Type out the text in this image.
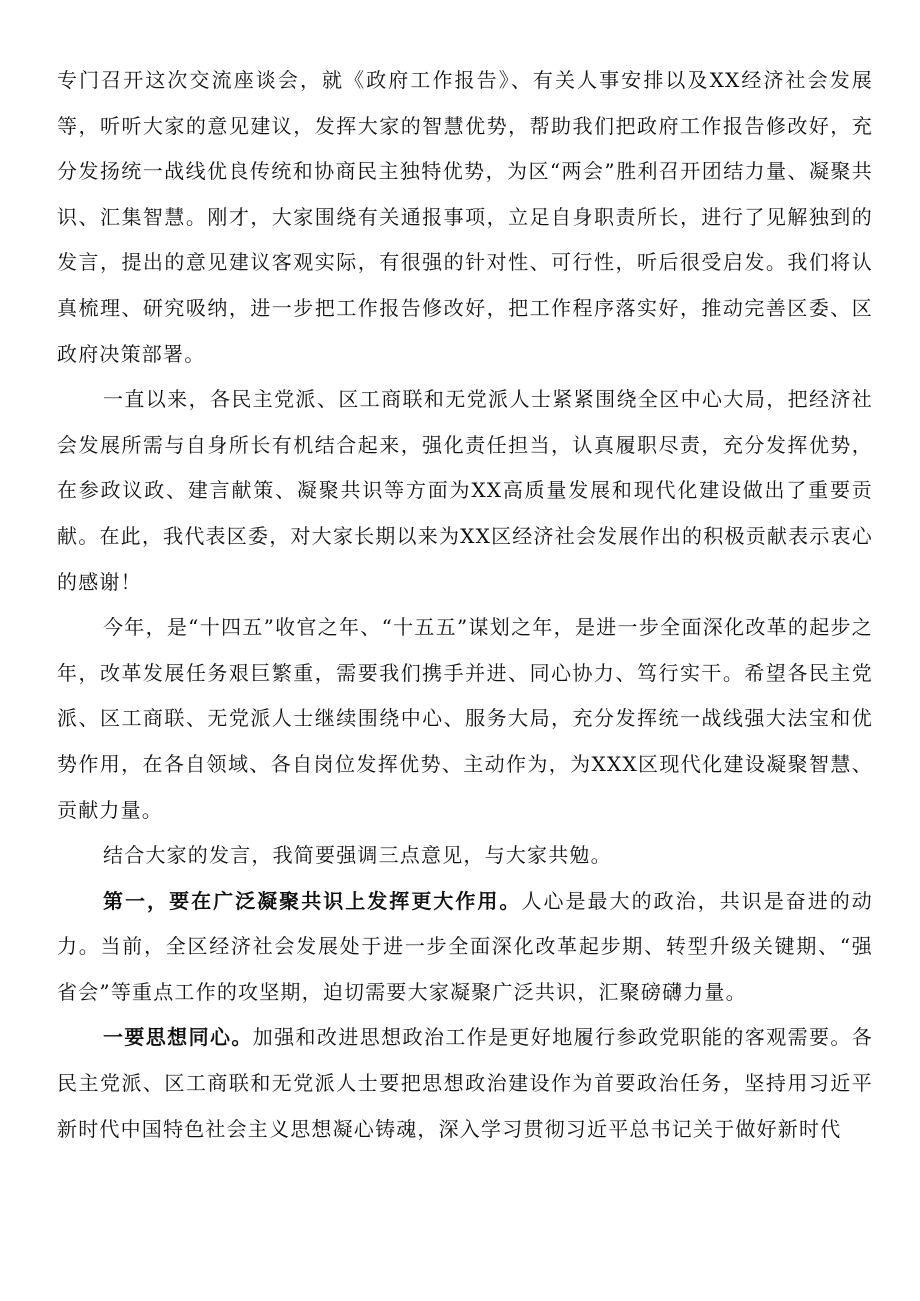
专门召开这次交流座谈会，就《政府工作报告》、有关人事安排以及XX经济社会发展等，听听大家的意见建议，发挥大家的智慧优势，帮助我们把政府工作报告修改好，充分发扬统一战线优良传统和协商民主独特优势，为区“两会”胜利召开团结力量、凝聚共识、汇集智慧。刚才，大家围绕有关通报事项，立足自身职责所长，进行了见解独到的发言，提出的意见建议客观实际，有很强的针对性、可行性，听后很受启发。我们将认真梳理、研究吸纳，进一步把工作报告修改好，把工作程序落实好，推动完善区委、区政府决策部署。

一直以来，各民主党派、区工商联和无党派人士紧紧围绕全区中心大局，把经济社会发展所需与自身所长有机结合起来，强化责任担当，认真履职尽责，充分发挥优势，在参政议政、建言献策、凝聚共识等方面为XX高质量发展和现代化建设做出了重要贡献。在此，我代表区委，对大家长期以来为XX区经济社会发展作出的积极贡献表示衷心的感谢！

今年，是“十四五”收官之年、“十五五”谋划之年，是进一步全面深化改革的起步之年，改革发展任务艰巨繁重，需要我们携手并进、同心协力、笃行实干。希望各民主党派、区工商联、无党派人士继续围绕中心、服务大局，充分发挥统一战线强大法宝和优势作用，在各自领域、各自岗位发挥优势、主动作为，为XXX区现代化建设凝聚智慧、贡献力量。

结合大家的发言，我简要强调三点意见，与大家共勉。

第一，要在广泛凝聚共识上发挥更大作用。人心是最大的政治，共识是奋进的动力。当前，全区经济社会发展处于进一步全面深化改革起步期、转型升级关键期、“强省会”等重点工作的攻坚期，迫切需要大家凝聚广泛共识，汇聚磅礴力量。

一要思想同心。加强和改进思想政治工作是更好地履行参政党职能的客观需要。各民主党派、区工商联和无党派人士要把思想政治建设作为首要政治任务，坚持用习近平新时代中国特色社会主义思想凝心铸魂，深入学习贯彻习近平总书记关于做好新时代
